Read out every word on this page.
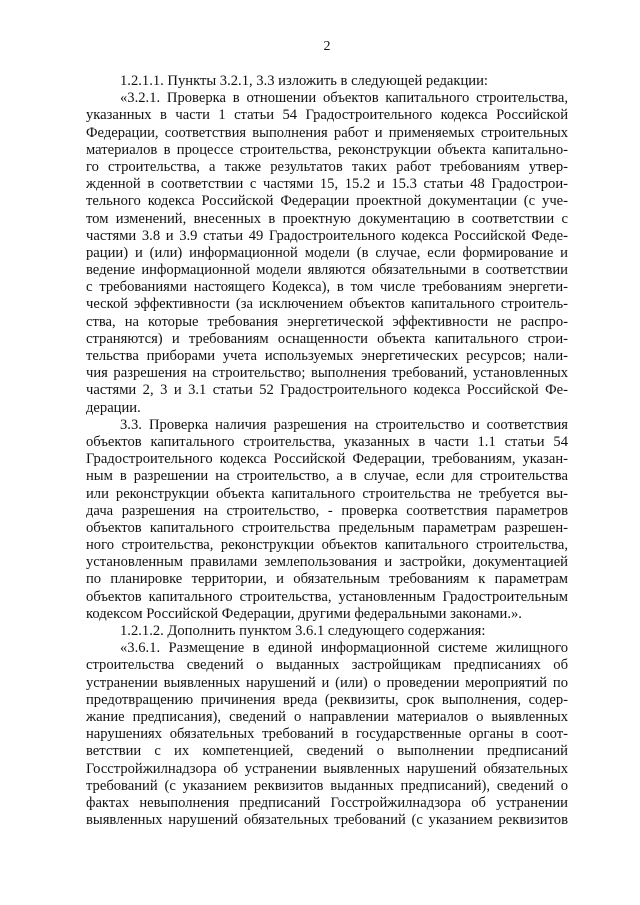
2
1.2.1.1. Пункты 3.2.1, 3.3 изложить в следующей редакции:
«3.2.1. Проверка в отношении объектов капитального строительства,
указанных в части 1 статьи 54 Градостроительного кодекса Российской
Федерации, соответствия выполнения работ и применяемых строительных
материалов в процессе строительства, реконструкции объекта капитально-
го строительства, а также результатов таких работ требованиям утвер-
жденной в соответствии с частями 15, 15.2 и 15.3 статьи 48 Градострои-
тельного кодекса Российской Федерации проектной документации (с уче-
том изменений, внесенных в проектную документацию в соответствии с
частями 3.8 и 3.9 статьи 49 Градостроительного кодекса Российской Феде-
рации) и (или) информационной модели (в случае, если формирование и
ведение информационной модели являются обязательными в соответствии
с требованиями настоящего Кодекса), в том числе требованиям энергети-
ческой эффективности (за исключением объектов капитального строитель-
ства, на которые требования энергетической эффективности не распро-
страняются) и требованиям оснащенности объекта капитального строи-
тельства приборами учета используемых энергетических ресурсов; нали-
чия разрешения на строительство; выполнения требований, установленных
частями 2, 3 и 3.1 статьи 52 Градостроительного кодекса Российской Фе-
дерации.
3.3. Проверка наличия разрешения на строительство и соответствия
объектов капитального строительства, указанных в части 1.1 статьи 54
Градостроительного кодекса Российской Федерации, требованиям, указан-
ным в разрешении на строительство, а в случае, если для строительства
или реконструкции объекта капитального строительства не требуется вы-
дача разрешения на строительство, - проверка соответствия параметров
объектов капитального строительства предельным параметрам разрешен-
ного строительства, реконструкции объектов капитального строительства,
установленным правилами землепользования и застройки, документацией
по планировке территории, и обязательным требованиям к параметрам
объектов капитального строительства, установленным Градостроительным
кодексом Российской Федерации, другими федеральными законами.».
1.2.1.2. Дополнить пунктом 3.6.1 следующего содержания:
«3.6.1. Размещение в единой информационной системе жилищного
строительства сведений о выданных застройщикам предписаниях об
устранении выявленных нарушений и (или) о проведении мероприятий по
предотвращению причинения вреда (реквизиты, срок выполнения, содер-
жание предписания), сведений о направлении материалов о выявленных
нарушениях обязательных требований в государственные органы в соот-
ветствии с их компетенцией, сведений о выполнении предписаний
Госстройжилнадзора об устранении выявленных нарушений обязательных
требований (с указанием реквизитов выданных предписаний), сведений о
фактах невыполнения предписаний Госстройжилнадзора об устранении
выявленных нарушений обязательных требований (с указанием реквизитов
